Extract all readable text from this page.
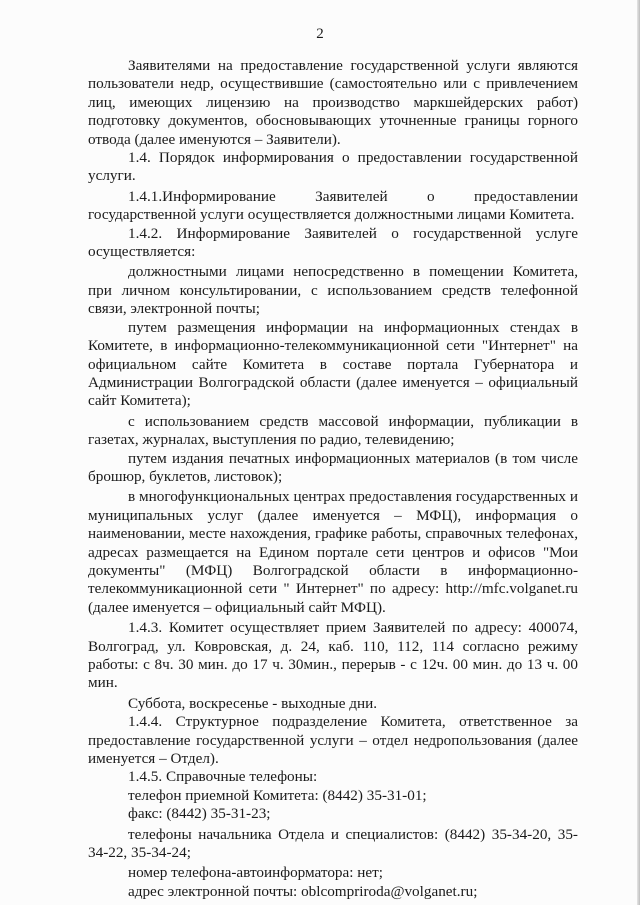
2

Заявителями на предоставление государственной услуги являются пользователи недр, осуществившие (самостоятельно или с привлечением лиц, имеющих лицензию на производство маркшейдерских работ) подготовку документов, обосновывающих уточненные границы горного отвода (далее именуются – Заявители).

1.4. Порядок информирования о предоставлении государственной услуги.

1.4.1.Информирование Заявителей о предоставлении государственной услуги осуществляется должностными лицами Комитета.

1.4.2. Информирование Заявителей о государственной услуге осуществляется:

должностными лицами непосредственно в помещении Комитета, при личном консультировании, с использованием средств телефонной связи, электронной почты;

путем размещения информации на информационных стендах в Комитете, в информационно-телекоммуникационной сети "Интернет" на официальном сайте Комитета в составе портала Губернатора и Администрации Волгоградской области (далее именуется – официальный сайт Комитета);

с использованием средств массовой информации, публикации в газетах, журналах, выступления по радио, телевидению;

путем издания печатных информационных материалов (в том числе брошюр, буклетов, листовок);

в многофункциональных центрах предоставления государственных и муниципальных услуг (далее именуется – МФЦ), информация о наименовании, месте нахождения, графике работы, справочных телефонах, адресах размещается на Едином портале сети центров и офисов "Мои документы" (МФЦ) Волгоградской области в информационно-телекоммуникационной сети " Интернет" по адресу: http://mfc.volganet.ru (далее именуется – официальный сайт МФЦ).

1.4.3. Комитет осуществляет прием Заявителей по адресу: 400074, Волгоград, ул. Ковровская, д. 24, каб. 110, 112, 114 согласно режиму работы: с 8ч. 30 мин. до 17 ч. 30мин., перерыв - с 12ч. 00 мин. до 13 ч. 00 мин.

Суббота, воскресенье - выходные дни.

1.4.4. Структурное подразделение Комитета, ответственное за предоставление государственной услуги – отдел недропользования (далее именуется – Отдел).

1.4.5. Справочные телефоны:

телефон приемной Комитета: (8442) 35-31-01;

факс: (8442) 35-31-23;

телефоны начальника Отдела и специалистов: (8442) 35-34-20, 35-34-22, 35-34-24;

номер телефона-автоинформатора: нет;

адрес электронной почты: oblcompriroda@volganet.ru;
